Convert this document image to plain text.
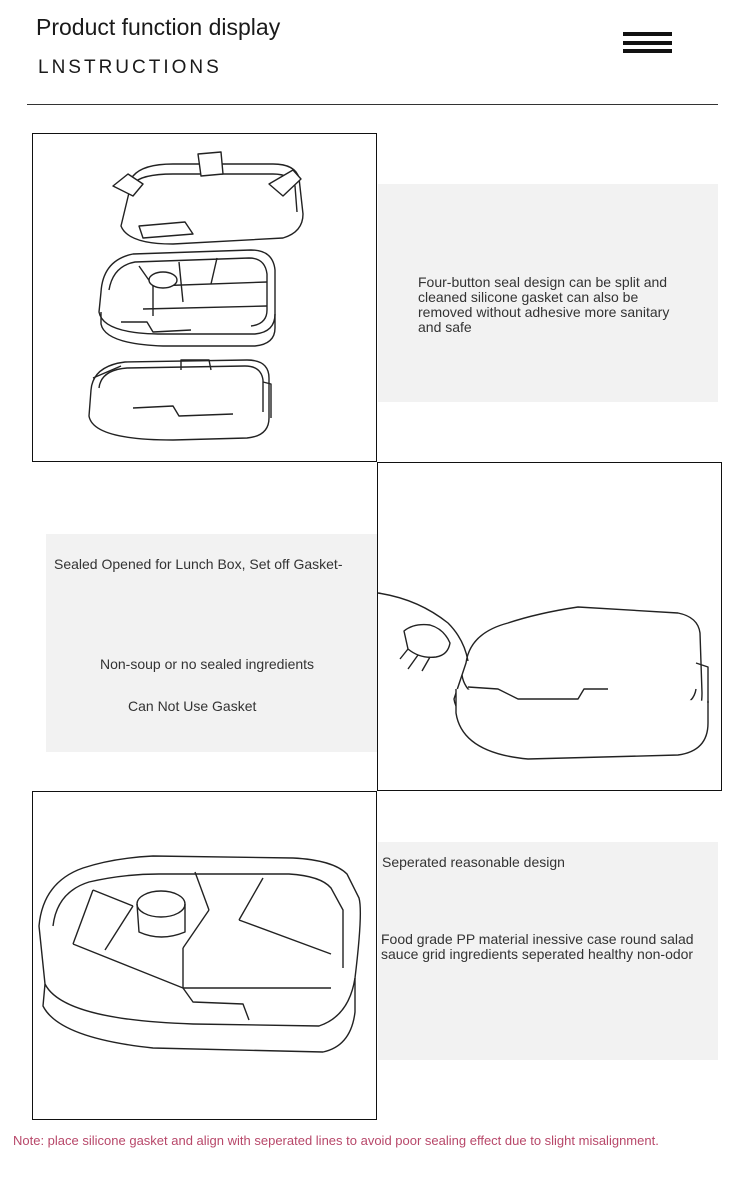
Product function display
LNSTRUCTIONS
Four-button seal design can be split and cleaned silicone gasket can also be removed without adhesive more sanitary and safe
Sealed Opened for Lunch Box, Set off Gasket-
Non-soup or no sealed ingredients
Can Not Use Gasket
Seperated reasonable design
Food grade PP material inessive case round salad sauce grid ingredients seperated healthy non-odor
Note: place silicone gasket and align with seperated lines to avoid poor sealing effect due to slight misalignment.
